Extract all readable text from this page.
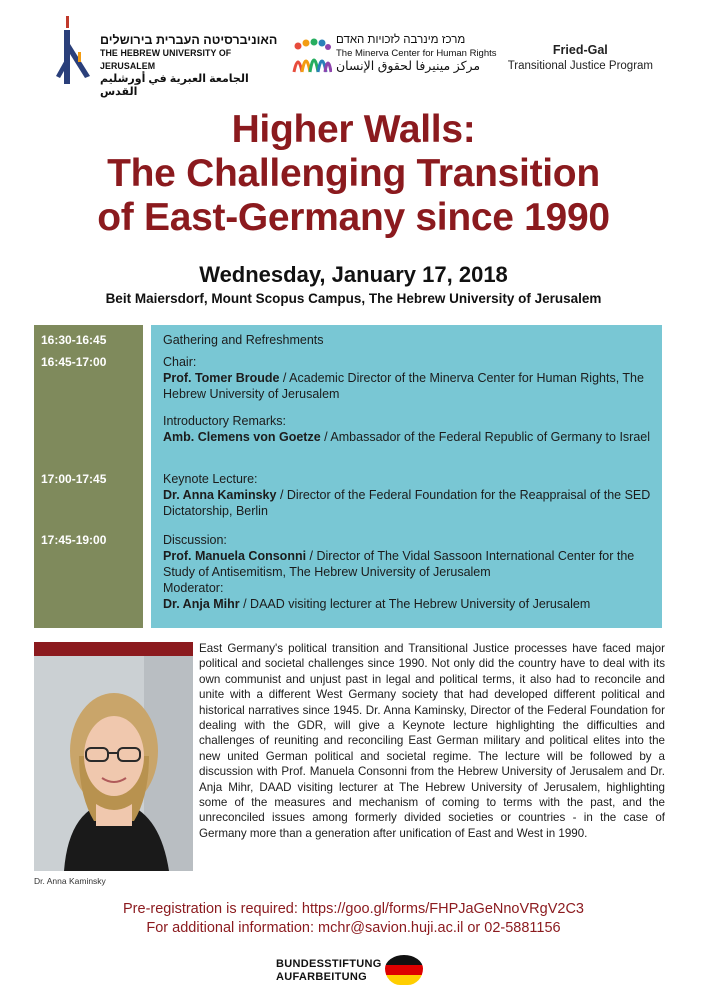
האוניברסיטה העברית בירושלים
THE HEBREW UNIVERSITY OF JERUSALEM
الجامعة العبرية في أورشليم القدس
מרכז מינרבה לזכויות האדם
The Minerva Center for Human Rights
مركز مينيرفا لحقوق الإنسان
Fried-Gal
Transitional Justice Program
Higher Walls:
The Challenging Transition
of East-Germany since 1990
Wednesday, January 17, 2018
Beit Maiersdorf, Mount Scopus Campus, The Hebrew University of Jerusalem
16:30-16:45
16:45-17:00
17:00-17:45
17:45-19:00
Gathering and Refreshments
Chair:
Prof. Tomer Broude / Academic Director of the Minerva Center for Human Rights, The Hebrew University of Jerusalem
Introductory Remarks:
Amb. Clemens von Goetze / Ambassador of the Federal Republic of Germany to Israel
Keynote Lecture:
Dr. Anna Kaminsky / Director of the Federal Foundation for the Reappraisal of the SED Dictatorship, Berlin
Discussion:
Prof. Manuela Consonni / Director of The Vidal Sassoon International Center for the Study of Antisemitism, The Hebrew University of Jerusalem
Moderator:
Dr. Anja Mihr / DAAD visiting lecturer at The Hebrew University of Jerusalem
Dr. Anna Kaminsky
East Germany's political transition and Transitional Justice processes have faced major political and societal challenges since 1990. Not only did the country have to deal with its own communist and unjust past in legal and political terms, it also had to reconcile and unite with a different West Germany society that had developed different political and historical narratives since 1945. Dr. Anna Kaminsky, Director of the Federal Foundation for dealing with the GDR, will give a Keynote lecture highlighting the difficulties and challenges of reuniting and reconciling East German military and political elites into the new united German political and societal regime. The lecture will be followed by a discussion with Prof. Manuela Consonni from the Hebrew University of Jerusalem and Dr. Anja Mihr, DAAD visiting lecturer at The Hebrew University of Jerusalem, highlighting some of the measures and mechanism of coming to terms with the past, and the unreconciled issues among formerly divided societies or countries - in the case of Germany more than a generation after unification of East and West in 1990.
Pre-registration is required: https://goo.gl/forms/FHPJaGeNnoVRgV2C3
For additional information: mchr@savion.huji.ac.il or 02-5881156
BUNDESSTIFTUNG
AUFARBEITUNG
